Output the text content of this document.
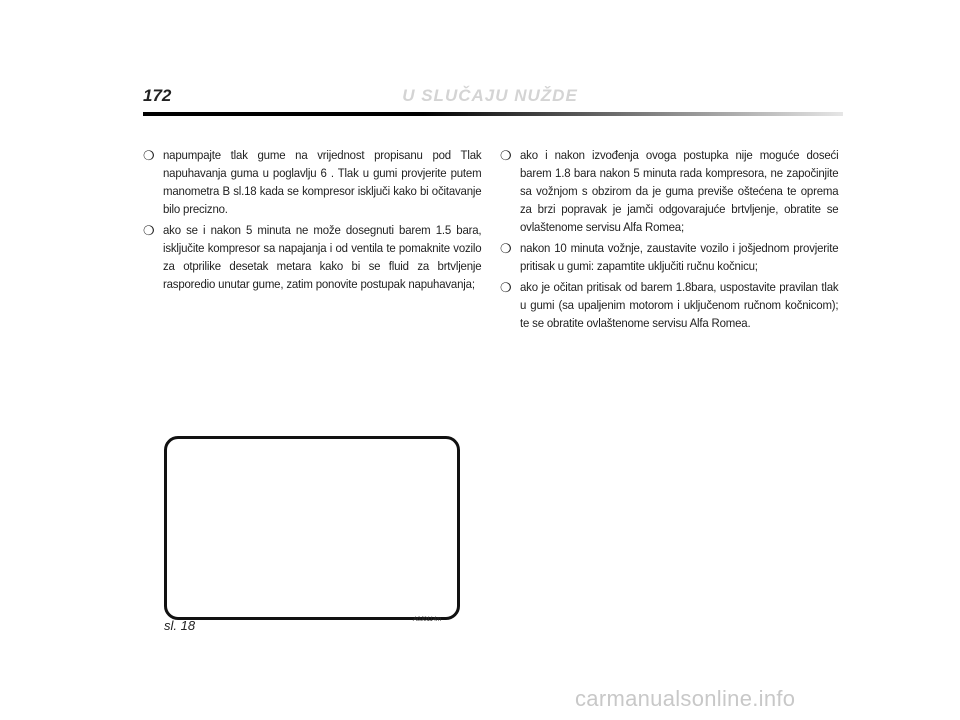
172	U SLUČAJU NUŽDE
❍ napumpajte tlak gume na vrijednost propisanu pod Tlak napuhavanja guma u poglavlju 6 . Tlak u gumi provjerite putem manometra B sl.18 kada se kompresor isključi kako bi očitavanje bilo precizno.
❍ ako se i nakon 5 minuta ne može dosegnuti barem 1.5 bara, isključite kompresor sa napajanja i od ventila te pomaknite vozilo za otprilike desetak metara kako bi se fluid za brtvljenje rasporedio unutar gume, zatim ponovite postupak napuhavanja;
❍ ako i nakon izvođenja ovoga postupka nije moguće doseći barem 1.8 bara nakon 5 minuta rada kompresora, ne započinjite sa vožnjom s obzirom da je guma previše oštećena te oprema za brzi popravak je jamči odgovarajuće brtvljenje, obratite se ovlaštenome servisu Alfa Romea;
❍ nakon 10 minuta vožnje, zaustavite vozilo i jošjednom provjerite pritisak u gumi: zapamtite uključiti ručnu kočnicu;
❍ ako je očitan pritisak od barem 1.8bara, uspostavite pravilan tlak u gumi (sa upaljenim motorom i uključenom ručnom kočnicom); te se obratite ovlaštenome servisu Alfa Romea.
A0J0114m
sl. 18
carmanualsonline.info
